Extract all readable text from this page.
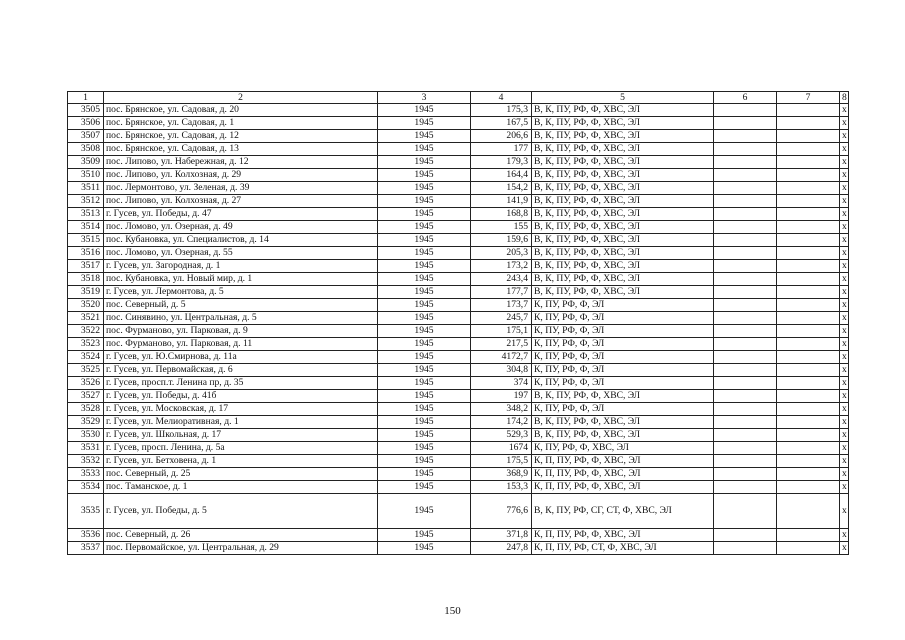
1	2	3	4	5	6	7	8
3505	пос. Брянское, ул. Садовая, д. 20	1945	175,3	В, К, ПУ, РФ, Ф, ХВС, ЭЛ			x
3506	пос. Брянское, ул. Садовая, д. 1	1945	167,5	В, К, ПУ, РФ, Ф, ХВС, ЭЛ			x
3507	пос. Брянское, ул. Садовая, д. 12	1945	206,6	В, К, ПУ, РФ, Ф, ХВС, ЭЛ			x
3508	пос. Брянское, ул. Садовая, д. 13	1945	177	В, К, ПУ, РФ, Ф, ХВС, ЭЛ			x
3509	пос. Липово, ул. Набережная, д. 12	1945	179,3	В, К, ПУ, РФ, Ф, ХВС, ЭЛ			x
3510	пос. Липово, ул. Колхозная, д. 29	1945	164,4	В, К, ПУ, РФ, Ф, ХВС, ЭЛ			x
3511	пос. Лермонтово, ул. Зеленая, д. 39	1945	154,2	В, К, ПУ, РФ, Ф, ХВС, ЭЛ			x
3512	пос. Липово, ул. Колхозная, д. 27	1945	141,9	В, К, ПУ, РФ, Ф, ХВС, ЭЛ			x
3513	г. Гусев, ул. Победы, д. 47	1945	168,8	В, К, ПУ, РФ, Ф, ХВС, ЭЛ			x
3514	пос. Ломово, ул. Озерная, д. 49	1945	155	В, К, ПУ, РФ, Ф, ХВС, ЭЛ			x
3515	пос. Кубановка, ул. Специалистов, д. 14	1945	159,6	В, К, ПУ, РФ, Ф, ХВС, ЭЛ			x
3516	пос. Ломово, ул. Озерная, д. 55	1945	205,3	В, К, ПУ, РФ, Ф, ХВС, ЭЛ			x
3517	г. Гусев, ул. Загородная, д. 1	1945	173,2	В, К, ПУ, РФ, Ф, ХВС, ЭЛ			x
3518	пос. Кубановка, ул. Новый мир, д. 1	1945	243,4	В, К, ПУ, РФ, Ф, ХВС, ЭЛ			x
3519	г. Гусев, ул. Лермонтова, д. 5	1945	177,7	В, К, ПУ, РФ, Ф, ХВС, ЭЛ			x
3520	пос. Северный, д. 5	1945	173,7	К, ПУ, РФ, Ф, ЭЛ			x
3521	пос. Синявино, ул. Центральная, д. 5	1945	245,7	К, ПУ, РФ, Ф, ЭЛ			x
3522	пос. Фурманово, ул. Парковая, д. 9	1945	175,1	К, ПУ, РФ, Ф, ЭЛ			x
3523	пос. Фурманово, ул. Парковая, д. 11	1945	217,5	К, ПУ, РФ, Ф, ЭЛ			x
3524	г. Гусев, ул. Ю.Смирнова, д. 11а	1945	4172,7	К, ПУ, РФ, Ф, ЭЛ			x
3525	г. Гусев, ул. Первомайская, д. 6	1945	304,8	К, ПУ, РФ, Ф, ЭЛ			x
3526	г. Гусев, просп.т. Ленина пр, д. 35	1945	374	К, ПУ, РФ, Ф, ЭЛ			x
3527	г. Гусев, ул. Победы, д. 41б	1945	197	В, К, ПУ, РФ, Ф, ХВС, ЭЛ			x
3528	г. Гусев, ул. Московская, д. 17	1945	348,2	К, ПУ, РФ, Ф, ЭЛ			x
3529	г. Гусев, ул. Мелиоративная, д. 1	1945	174,2	В, К, ПУ, РФ, Ф, ХВС, ЭЛ			x
3530	г. Гусев, ул. Школьная, д. 17	1945	529,3	В, К, ПУ, РФ, Ф, ХВС, ЭЛ			x
3531	г. Гусев, просп. Ленина, д. 5а	1945	1674	К, ПУ, РФ, Ф, ХВС, ЭЛ			x
3532	г. Гусев, ул. Бетховена, д. 1	1945	175,5	К, П, ПУ, РФ, Ф, ХВС, ЭЛ			x
3533	пос. Северный, д. 25	1945	368,9	К, П, ПУ, РФ, Ф, ХВС, ЭЛ			x
3534	пос. Таманское, д. 1	1945	153,3	К, П, ПУ, РФ, Ф, ХВС, ЭЛ			x
3535	г. Гусев, ул. Победы, д. 5	1945	776,6	В, К, ПУ, РФ, СГ, СТ, Ф, ХВС, ЭЛ			x
3536	пос. Северный, д. 26	1945	371,8	К, П, ПУ, РФ, Ф, ХВС, ЭЛ			x
3537	пос. Первомайское, ул. Центральная, д. 29	1945	247,8	К, П, ПУ, РФ, СТ, Ф, ХВС, ЭЛ			x
150
